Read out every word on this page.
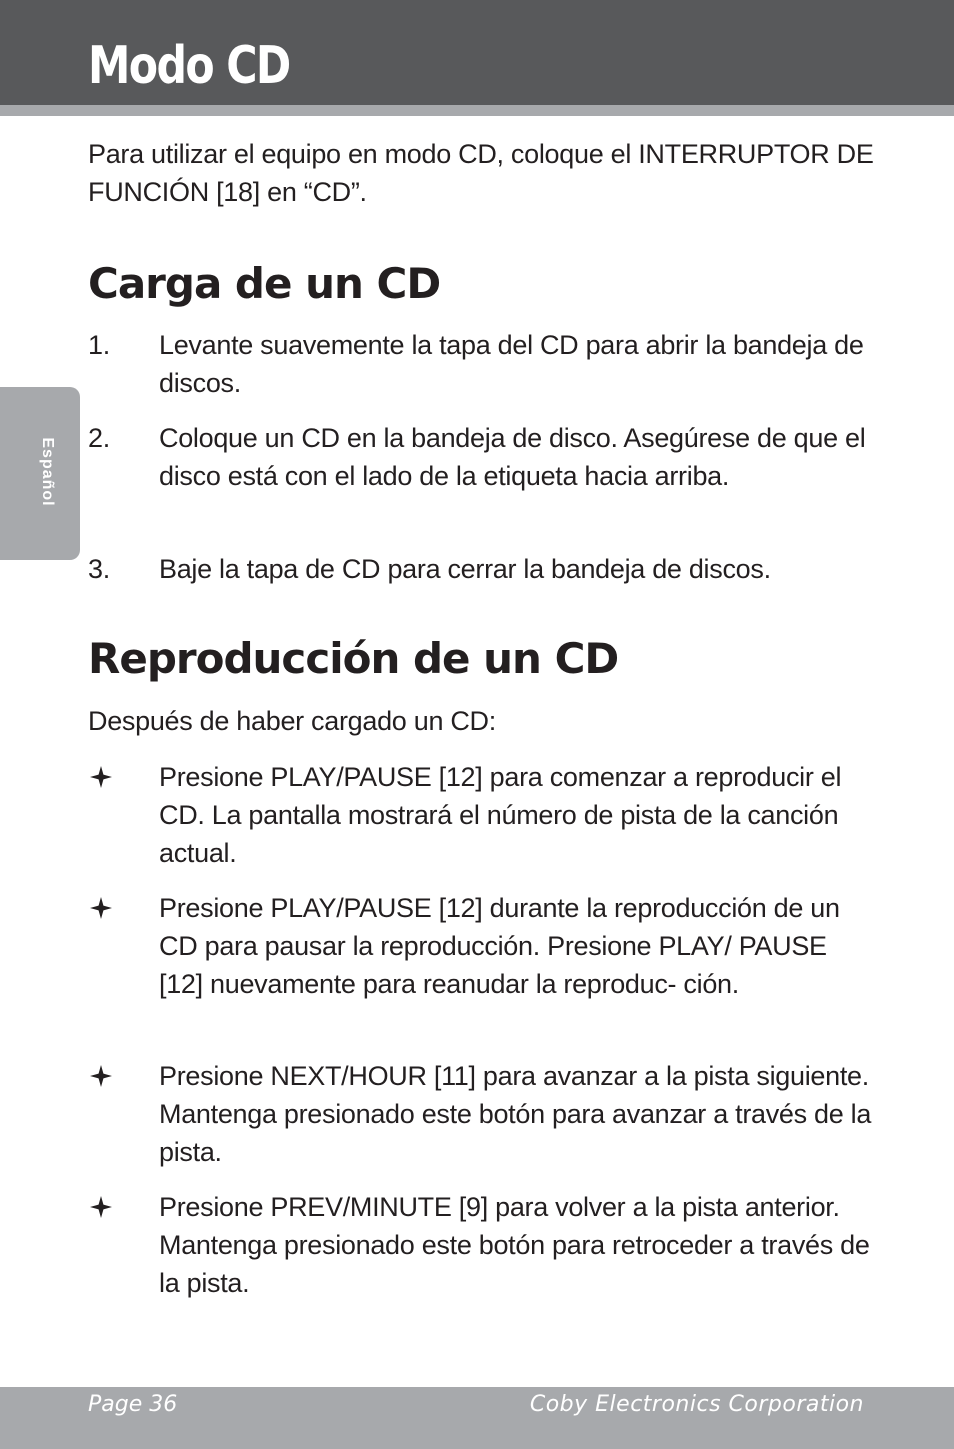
Modo CD
Español
Para utilizar el equipo en modo CD, coloque el INTERRUPTOR DE FUNCIÓN [18] en “CD”.
Carga de un CD
1.	Levante suavemente la tapa del CD para abrir la bandeja de discos.
2.	Coloque un CD en la bandeja de disco. Asegúrese de que el disco está con el lado de la etiqueta hacia arriba.
3.	Baje la tapa de CD para cerrar la bandeja de discos.
Reproducción de un CD
Después de haber cargado un CD:
Presione PLAY/PAUSE [12] para comenzar a reproducir el CD. La pantalla mostrará el número de pista de la canción actual.
Presione PLAY/PAUSE [12] durante la reproducción de un CD para pausar la reproducción. Presione PLAY/ PAUSE [12] nuevamente para reanudar la reproduc- ción.
Presione NEXT/HOUR [11] para avanzar a la pista siguiente. Mantenga presionado este botón para avanzar a través de la pista.
Presione PREV/MINUTE [9] para volver a la pista anterior. Mantenga presionado este botón para retroceder a través de la pista.
Page 36	Coby Electronics Corporation
